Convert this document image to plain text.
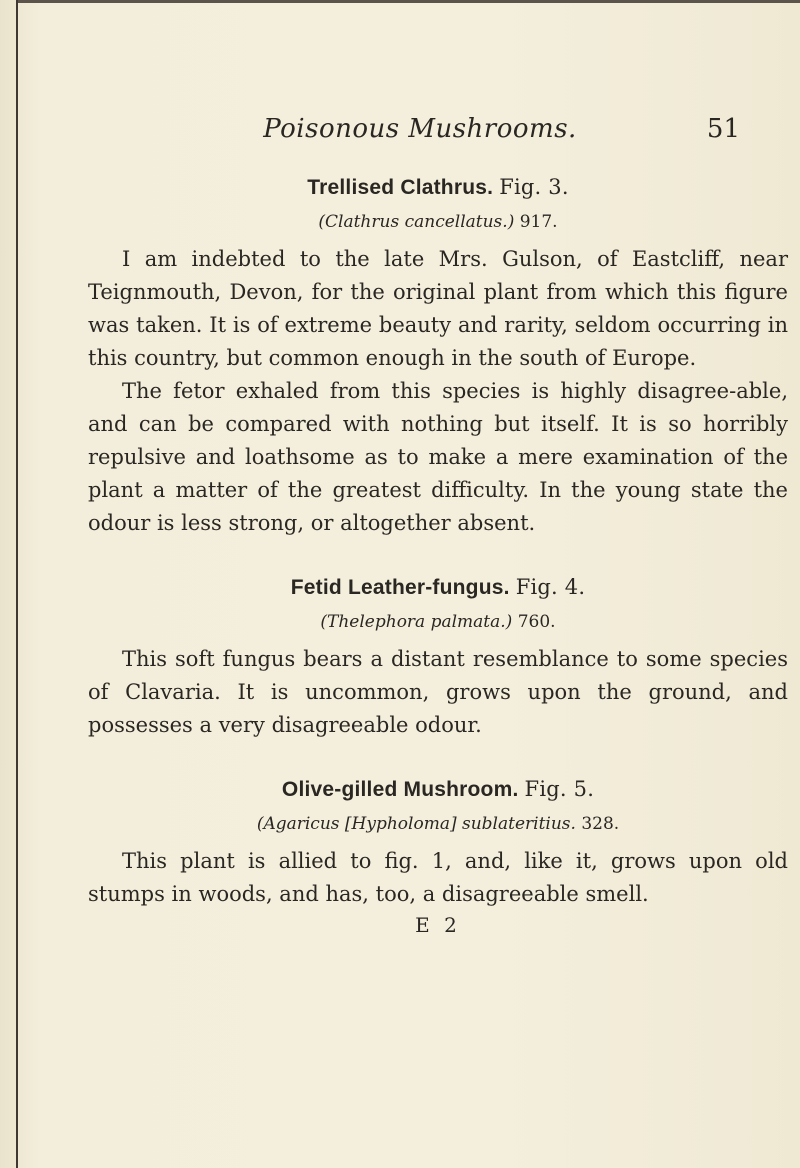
Poisonous Mushrooms.	51

Trellised Clathrus. Fig. 3.

(Clathrus cancellatus.) 917.

I am indebted to the late Mrs. Gulson, of Eastcliff, near Teignmouth, Devon, for the original plant from which this figure was taken. It is of extreme beauty and rarity, seldom occurring in this country, but common enough in the south of Europe.

The fetor exhaled from this species is highly disagree-able, and can be compared with nothing but itself. It is so horribly repulsive and loathsome as to make a mere examination of the plant a matter of the greatest difficulty. In the young state the odour is less strong, or altogether absent.

Fetid Leather-fungus. Fig. 4.

(Thelephora palmata.) 760.

This soft fungus bears a distant resemblance to some species of Clavaria. It is uncommon, grows upon the ground, and possesses a very disagreeable odour.

Olive-gilled Mushroom. Fig. 5.

(Agaricus [Hypholoma] sublateritius. 328.

This plant is allied to fig. 1, and, like it, grows upon old stumps in woods, and has, too, a disagreeable smell.

E 2
